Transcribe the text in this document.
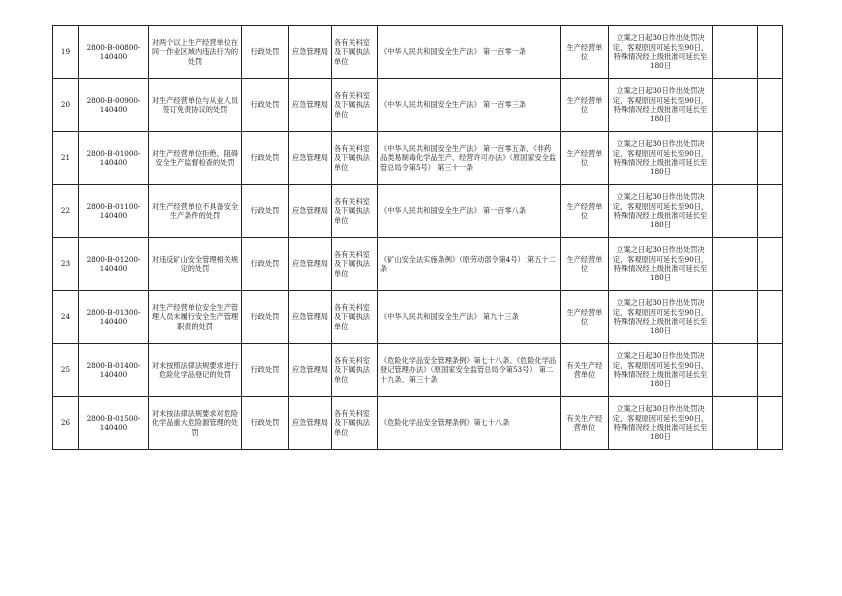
19	2800-B-00800-140400	对两个以上生产经营单位在同一作业区域内违法行为的处罚	行政处罚	应急管理局	各有关科室及下属执法单位	《中华人民共和国安全生产法》 第一百零一条	生产经营单位	立案之日起30日作出处罚决定，客观原因可延长至90日，特殊情况经上级批准可延长至180日		
20	2800-B-00900-140400	对生产经营单位与从业人员签订免责协议的处罚	行政处罚	应急管理局	各有关科室及下属执法单位	《中华人民共和国安全生产法》 第一百零三条	生产经营单位	立案之日起30日作出处罚决定，客观原因可延长至90日，特殊情况经上级批准可延长至180日		
21	2800-B-01000-140400	对生产经营单位拒绝、阻碍安全生产监督检查的处罚	行政处罚	应急管理局	各有关科室及下属执法单位	《中华人民共和国安全生产法》 第一百零五条、《非药品类易制毒化学品生产、经营许可办法》（原国家安全监管总局令第5号） 第三十一条	生产经营单位	立案之日起30日作出处罚决定，客观原因可延长至90日，特殊情况经上级批准可延长至180日		
22	2800-B-01100-140400	对生产经营单位不具备安全生产条件的处罚	行政处罚	应急管理局	各有关科室及下属执法单位	《中华人民共和国安全生产法》 第一百零八条	生产经营单位	立案之日起30日作出处罚决定，客观原因可延长至90日，特殊情况经上级批准可延长至180日		
23	2800-B-01200-140400	对违反矿山安全管理相关规定的处罚	行政处罚	应急管理局	各有关科室及下属执法单位	《矿山安全法实施条例》（原劳动部令第4号） 第五十二条	生产经营单位	立案之日起30日作出处罚决定，客观原因可延长至90日，特殊情况经上级批准可延长至180日		
24	2800-B-01300-140400	对生产经营单位安全生产管理人员未履行安全生产管理职责的处罚	行政处罚	应急管理局	各有关科室及下属执法单位	《中华人民共和国安全生产法》 第九十三条	生产经营单位	立案之日起30日作出处罚决定，客观原因可延长至90日，特殊情况经上级批准可延长至180日		
25	2800-B-01400-140400	对未按照法律法规要求进行危险化学品登记的处罚	行政处罚	应急管理局	各有关科室及下属执法单位	《危险化学品安全管理条例》第七十八条、《危险化学品登记管理办法》（原国家安全监管总局令第53号） 第二十九条、第三十条	有关生产经营单位	立案之日起30日作出处罚决定，客观原因可延长至90日，特殊情况经上级批准可延长至180日		
26	2800-B-01500-140400	对未按法律法规要求对危险化学品重大危险源管理的处罚	行政处罚	应急管理局	各有关科室及下属执法单位	《危险化学品安全管理条例》第七十八条	有关生产经营单位	立案之日起30日作出处罚决定，客观原因可延长至90日，特殊情况经上级批准可延长至180日		
